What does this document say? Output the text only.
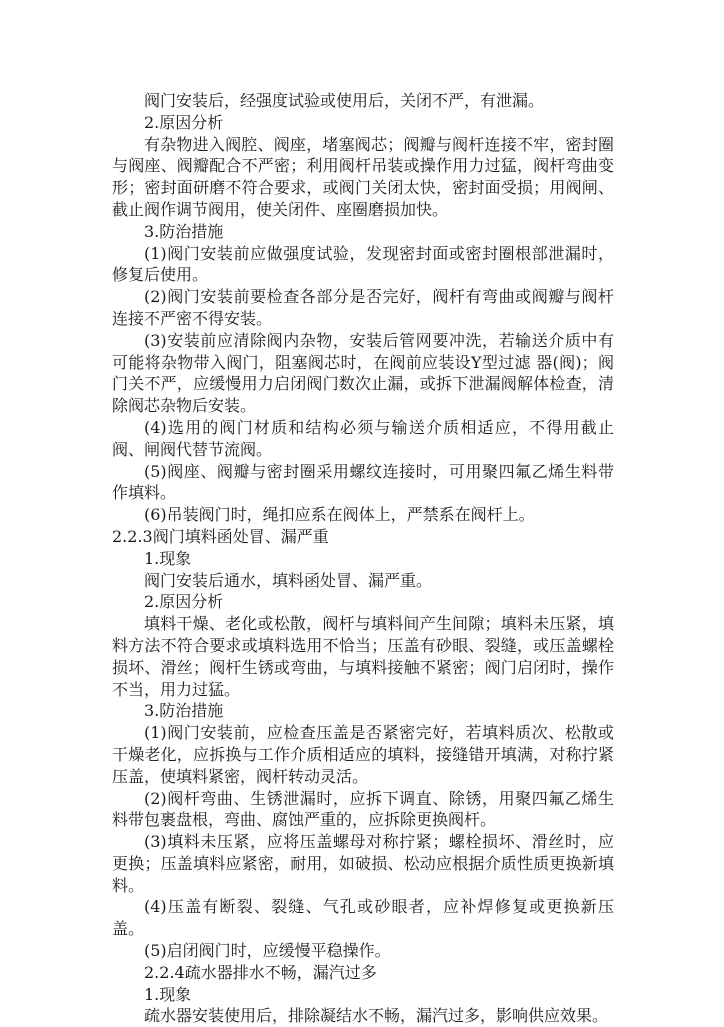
阀门安装后，经强度试验或使用后，关闭不严，有泄漏。

2.原因分析

有杂物进入阀腔、阀座，堵塞阀芯；阀瓣与阀杆连接不牢，密封圈与阀座、阀瓣配合不严密；利用阀杆吊装或操作用力过猛，阀杆弯曲变形；密封面研磨不符合要求，或阀门关闭太快，密封面受损；用阀闸、截止阀作调节阀用，使关闭件、座圈磨损加快。

3.防治措施

(1)阀门安装前应做强度试验，发现密封面或密封圈根部泄漏时，修复后使用。

(2)阀门安装前要检查各部分是否完好，阀杆有弯曲或阀瓣与阀杆连接不严密不得安装。

(3)安装前应清除阀内杂物，安装后管网要冲洗，若输送介质中有可能将杂物带入阀门，阻塞阀芯时，在阀前应装设Y型过滤 器(阀)；阀门关不严，应缓慢用力启闭阀门数次止漏，或拆下泄漏阀解体检查，清除阀芯杂物后安装。

(4)选用的阀门材质和结构必须与输送介质相适应，不得用截止阀、闸阀代替节流阀。

(5)阀座、阀瓣与密封圈采用螺纹连接时，可用聚四氟乙烯生料带作填料。

(6)吊装阀门时，绳扣应系在阀体上，严禁系在阀杆上。

2.2.3阀门填料函处冒、漏严重

1.现象

阀门安装后通水，填料函处冒、漏严重。

2.原因分析

填料干燥、老化或松散，阀杆与填料间产生间隙；填料未压紧，填料方法不符合要求或填料选用不恰当；压盖有砂眼、裂缝，或压盖螺栓损坏、滑丝；阀杆生锈或弯曲，与填料接触不紧密；阀门启闭时，操作不当，用力过猛。

3.防治措施

(1)阀门安装前，应检查压盖是否紧密完好，若填料质次、松散或干燥老化，应拆换与工作介质相适应的填料，接缝错开填满，对称拧紧压盖，使填料紧密，阀杆转动灵活。

(2)阀杆弯曲、生锈泄漏时，应拆下调直、除锈，用聚四氟乙烯生料带包裹盘根，弯曲、腐蚀严重的，应拆除更换阀杆。

(3)填料未压紧，应将压盖螺母对称拧紧；螺栓损坏、滑丝时，应更换；压盖填料应紧密，耐用，如破损、松动应根据介质性质更换新填料。

(4)压盖有断裂、裂缝、气孔或砂眼者，应补焊修复或更换新压盖。

(5)启闭阀门时，应缓慢平稳操作。

2.2.4疏水器排水不畅，漏汽过多

1.现象

疏水器安装使用后，排除凝结水不畅，漏汽过多，影响供应效果。
